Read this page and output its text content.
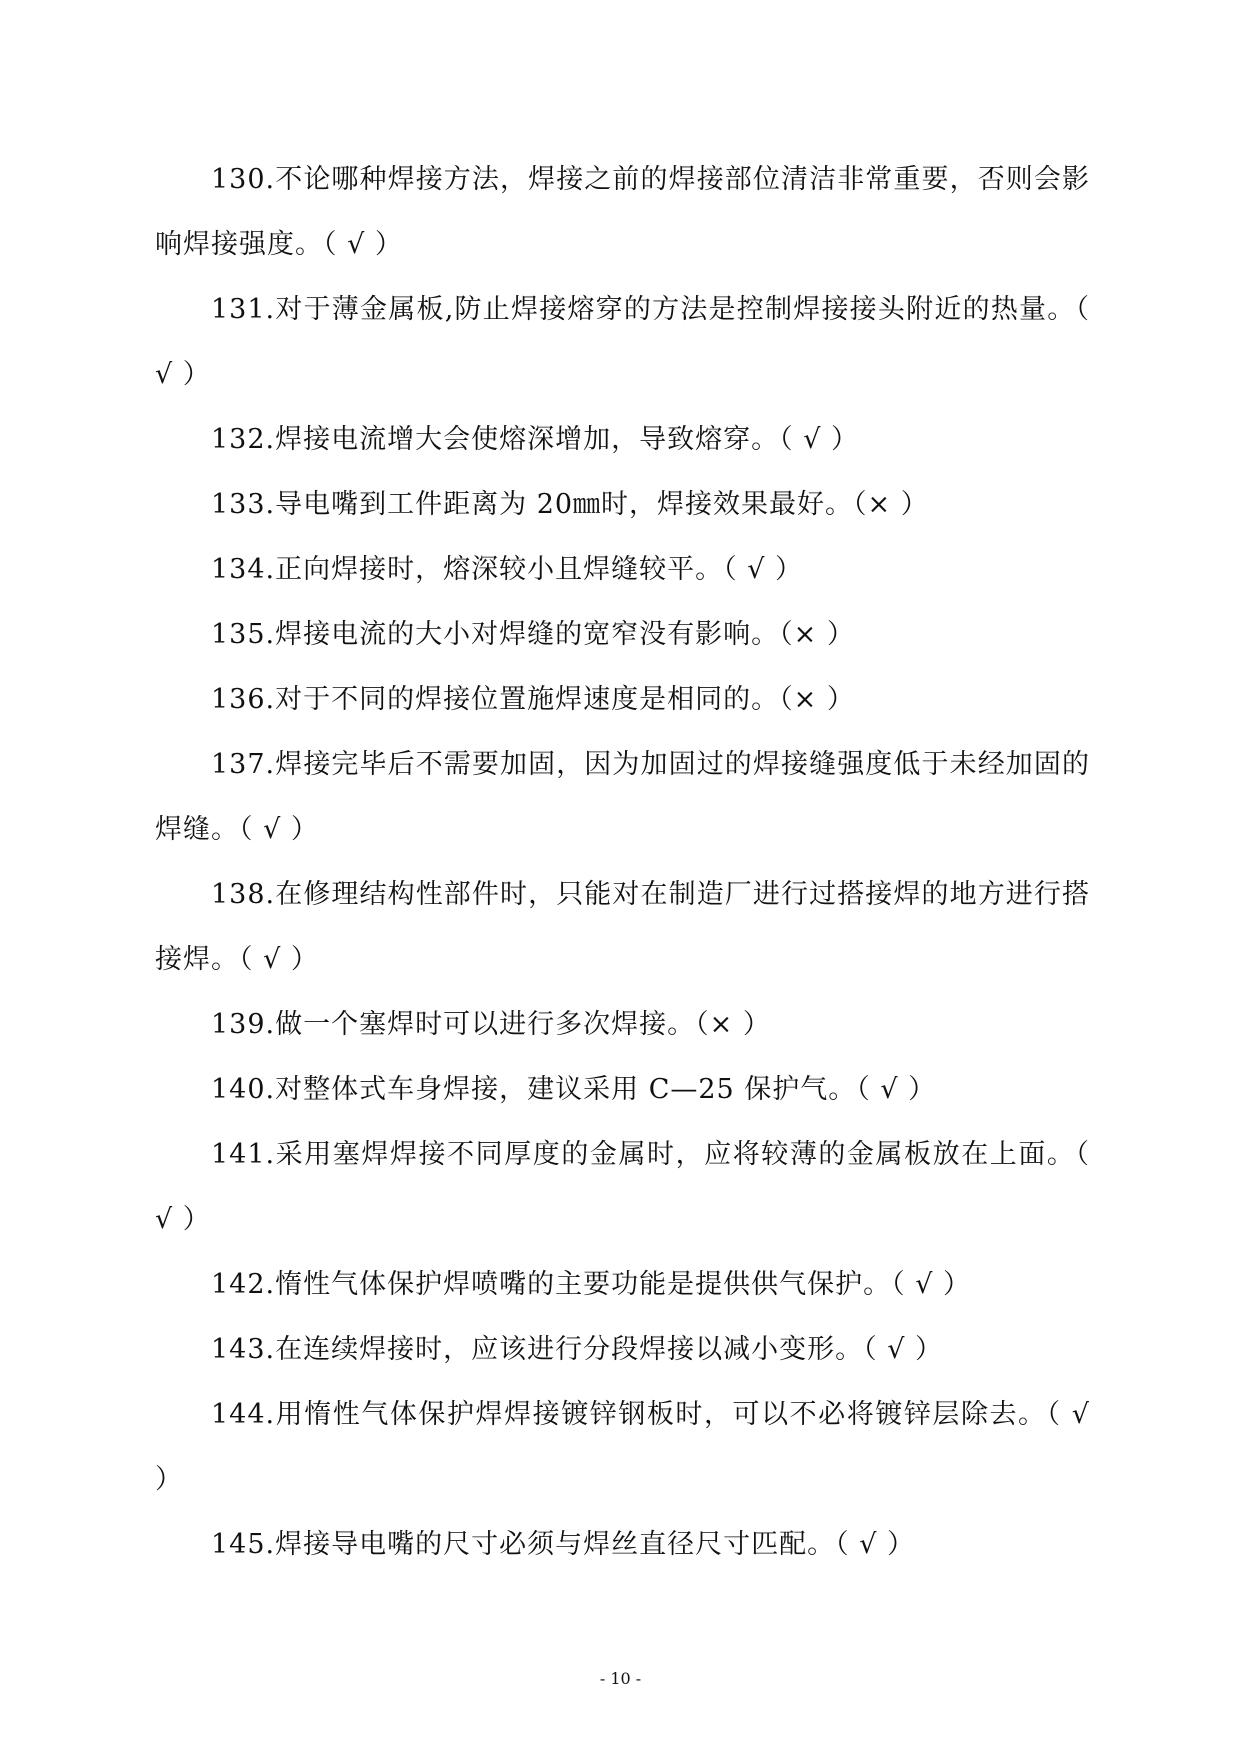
130.不论哪种焊接方法，焊接之前的焊接部位清洁非常重要，否则会影响焊接强度。（ √ ）

131.对于薄金属板,防止焊接熔穿的方法是控制焊接接头附近的热量。（ √ ）

132.焊接电流增大会使熔深增加，导致熔穿。（ √ ）

133.导电嘴到工件距离为 20㎜时，焊接效果最好。（× ）

134.正向焊接时，熔深较小且焊缝较平。（ √ ）

135.焊接电流的大小对焊缝的宽窄没有影响。（× ）

136.对于不同的焊接位置施焊速度是相同的。（× ）

137.焊接完毕后不需要加固，因为加固过的焊接缝强度低于未经加固的焊缝。（ √ ）

138.在修理结构性部件时，只能对在制造厂进行过搭接焊的地方进行搭接焊。（ √ ）

139.做一个塞焊时可以进行多次焊接。（× ）

140.对整体式车身焊接，建议采用 C—25 保护气。（ √ ）

141.采用塞焊焊接不同厚度的金属时，应将较薄的金属板放在上面。（ √ ）

142.惰性气体保护焊喷嘴的主要功能是提供供气保护。（ √ ）

143.在连续焊接时，应该进行分段焊接以减小变形。（ √ ）

144.用惰性气体保护焊焊接镀锌钢板时，可以不必将镀锌层除去。（ √ ）

145.焊接导电嘴的尺寸必须与焊丝直径尺寸匹配。（ √ ）

- 10 -
